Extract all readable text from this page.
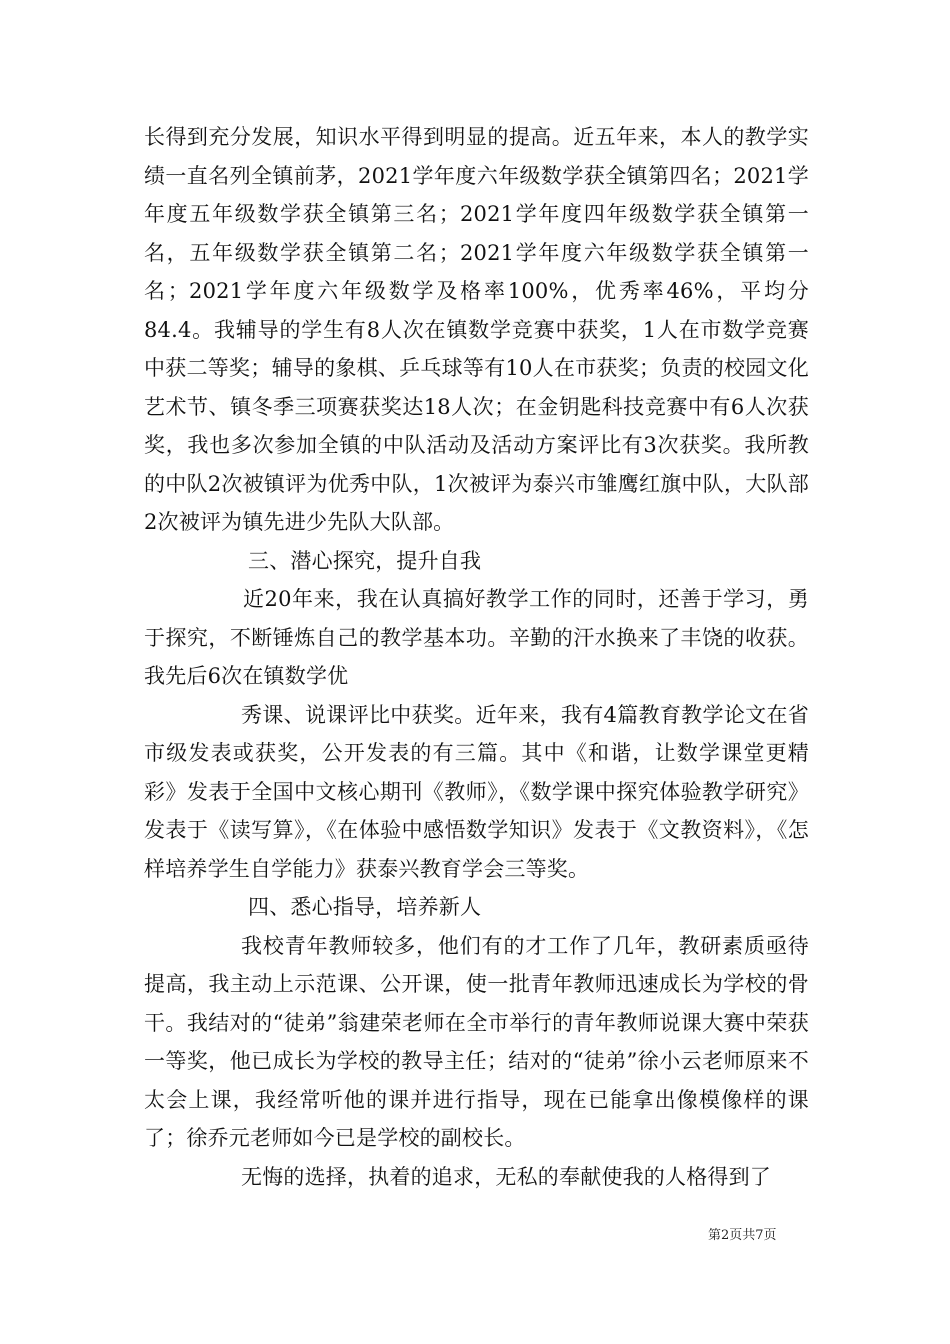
长得到充分发展，知识水平得到明显的提高。近五年来，本人的教学实绩一直名列全镇前茅，2021学年度六年级数学获全镇第四名；2021学年度五年级数学获全镇第三名；2021学年度四年级数学获全镇第一名，五年级数学获全镇第二名；2021学年度六年级数学获全镇第一名；2021学年度六年级数学及格率100%，优秀率46%，平均分84.4。我辅导的学生有8人次在镇数学竞赛中获奖，1人在市数学竞赛中获二等奖；辅导的象棋、乒乓球等有10人在市获奖；负责的校园文化艺术节、镇冬季三项赛获奖达18人次；在金钥匙科技竞赛中有6人次获奖，我也多次参加全镇的中队活动及活动方案评比有3次获奖。我所教的中队2次被镇评为优秀中队，1次被评为泰兴市雏鹰红旗中队，大队部2次被评为镇先进少先队大队部。

三、潜心探究，提升自我

近20年来，我在认真搞好教学工作的同时，还善于学习，勇于探究，不断锤炼自己的教学基本功。辛勤的汗水换来了丰饶的收获。我先后6次在镇数学优

秀课、说课评比中获奖。近年来，我有4篇教育教学论文在省市级发表或获奖，公开发表的有三篇。其中《和谐，让数学课堂更精彩》发表于全国中文核心期刊《教师》，《数学课中探究体验教学研究》发表于《读写算》，《在体验中感悟数学知识》发表于《文教资料》，《怎样培养学生自学能力》获泰兴教育学会三等奖。

四、悉心指导，培养新人

我校青年教师较多，他们有的才工作了几年，教研素质亟待提高，我主动上示范课、公开课，使一批青年教师迅速成长为学校的骨干。我结对的“徒弟”翁建荣老师在全市举行的青年教师说课大赛中荣获一等奖，他已成长为学校的教导主任；结对的“徒弟”徐小云老师原来不太会上课，我经常听他的课并进行指导，现在已能拿出像模像样的课了；徐乔元老师如今已是学校的副校长。

无悔的选择，执着的追求，无私的奉献使我的人格得到了

第2页共7页
